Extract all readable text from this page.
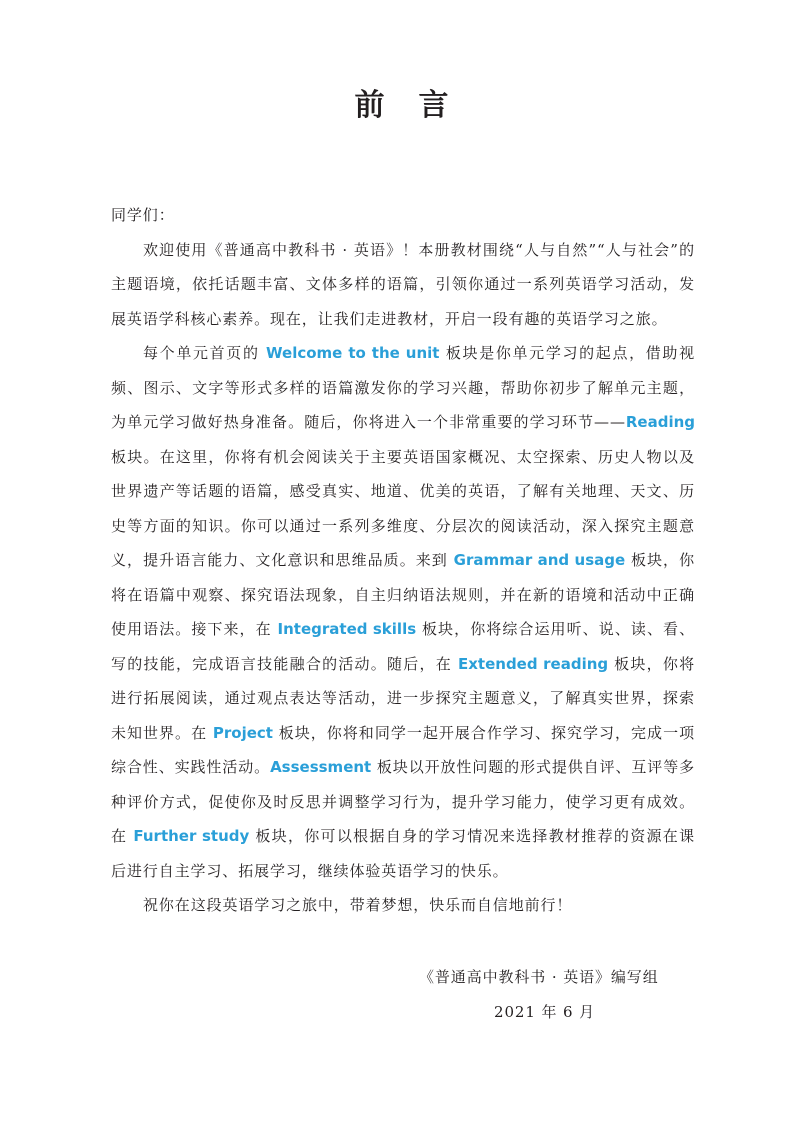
前　言

同学们：

欢迎使用《普通高中教科书 · 英语》！本册教材围绕“人与自然”“人与社会”的主题语境，依托话题丰富、文体多样的语篇，引领你通过一系列英语学习活动，发展英语学科核心素养。现在，让我们走进教材，开启一段有趣的英语学习之旅。

每个单元首页的 Welcome to the unit 板块是你单元学习的起点，借助视频、图示、文字等形式多样的语篇激发你的学习兴趣，帮助你初步了解单元主题，为单元学习做好热身准备。随后，你将进入一个非常重要的学习环节——Reading 板块。在这里，你将有机会阅读关于主要英语国家概况、太空探索、历史人物以及世界遗产等话题的语篇，感受真实、地道、优美的英语，了解有关地理、天文、历史等方面的知识。你可以通过一系列多维度、分层次的阅读活动，深入探究主题意义，提升语言能力、文化意识和思维品质。来到 Grammar and usage 板块，你将在语篇中观察、探究语法现象，自主归纳语法规则，并在新的语境和活动中正确使用语法。接下来，在 Integrated skills 板块，你将综合运用听、说、读、看、写的技能，完成语言技能融合的活动。随后，在 Extended reading 板块，你将进行拓展阅读，通过观点表达等活动，进一步探究主题意义，了解真实世界，探索未知世界。在 Project 板块，你将和同学一起开展合作学习、探究学习，完成一项综合性、实践性活动。Assessment 板块以开放性问题的形式提供自评、互评等多种评价方式，促使你及时反思并调整学习行为，提升学习能力，使学习更有成效。在 Further study 板块，你可以根据自身的学习情况来选择教材推荐的资源在课后进行自主学习、拓展学习，继续体验英语学习的快乐。

祝你在这段英语学习之旅中，带着梦想，快乐而自信地前行！

《普通高中教科书 · 英语》编写组
2021 年 6 月
